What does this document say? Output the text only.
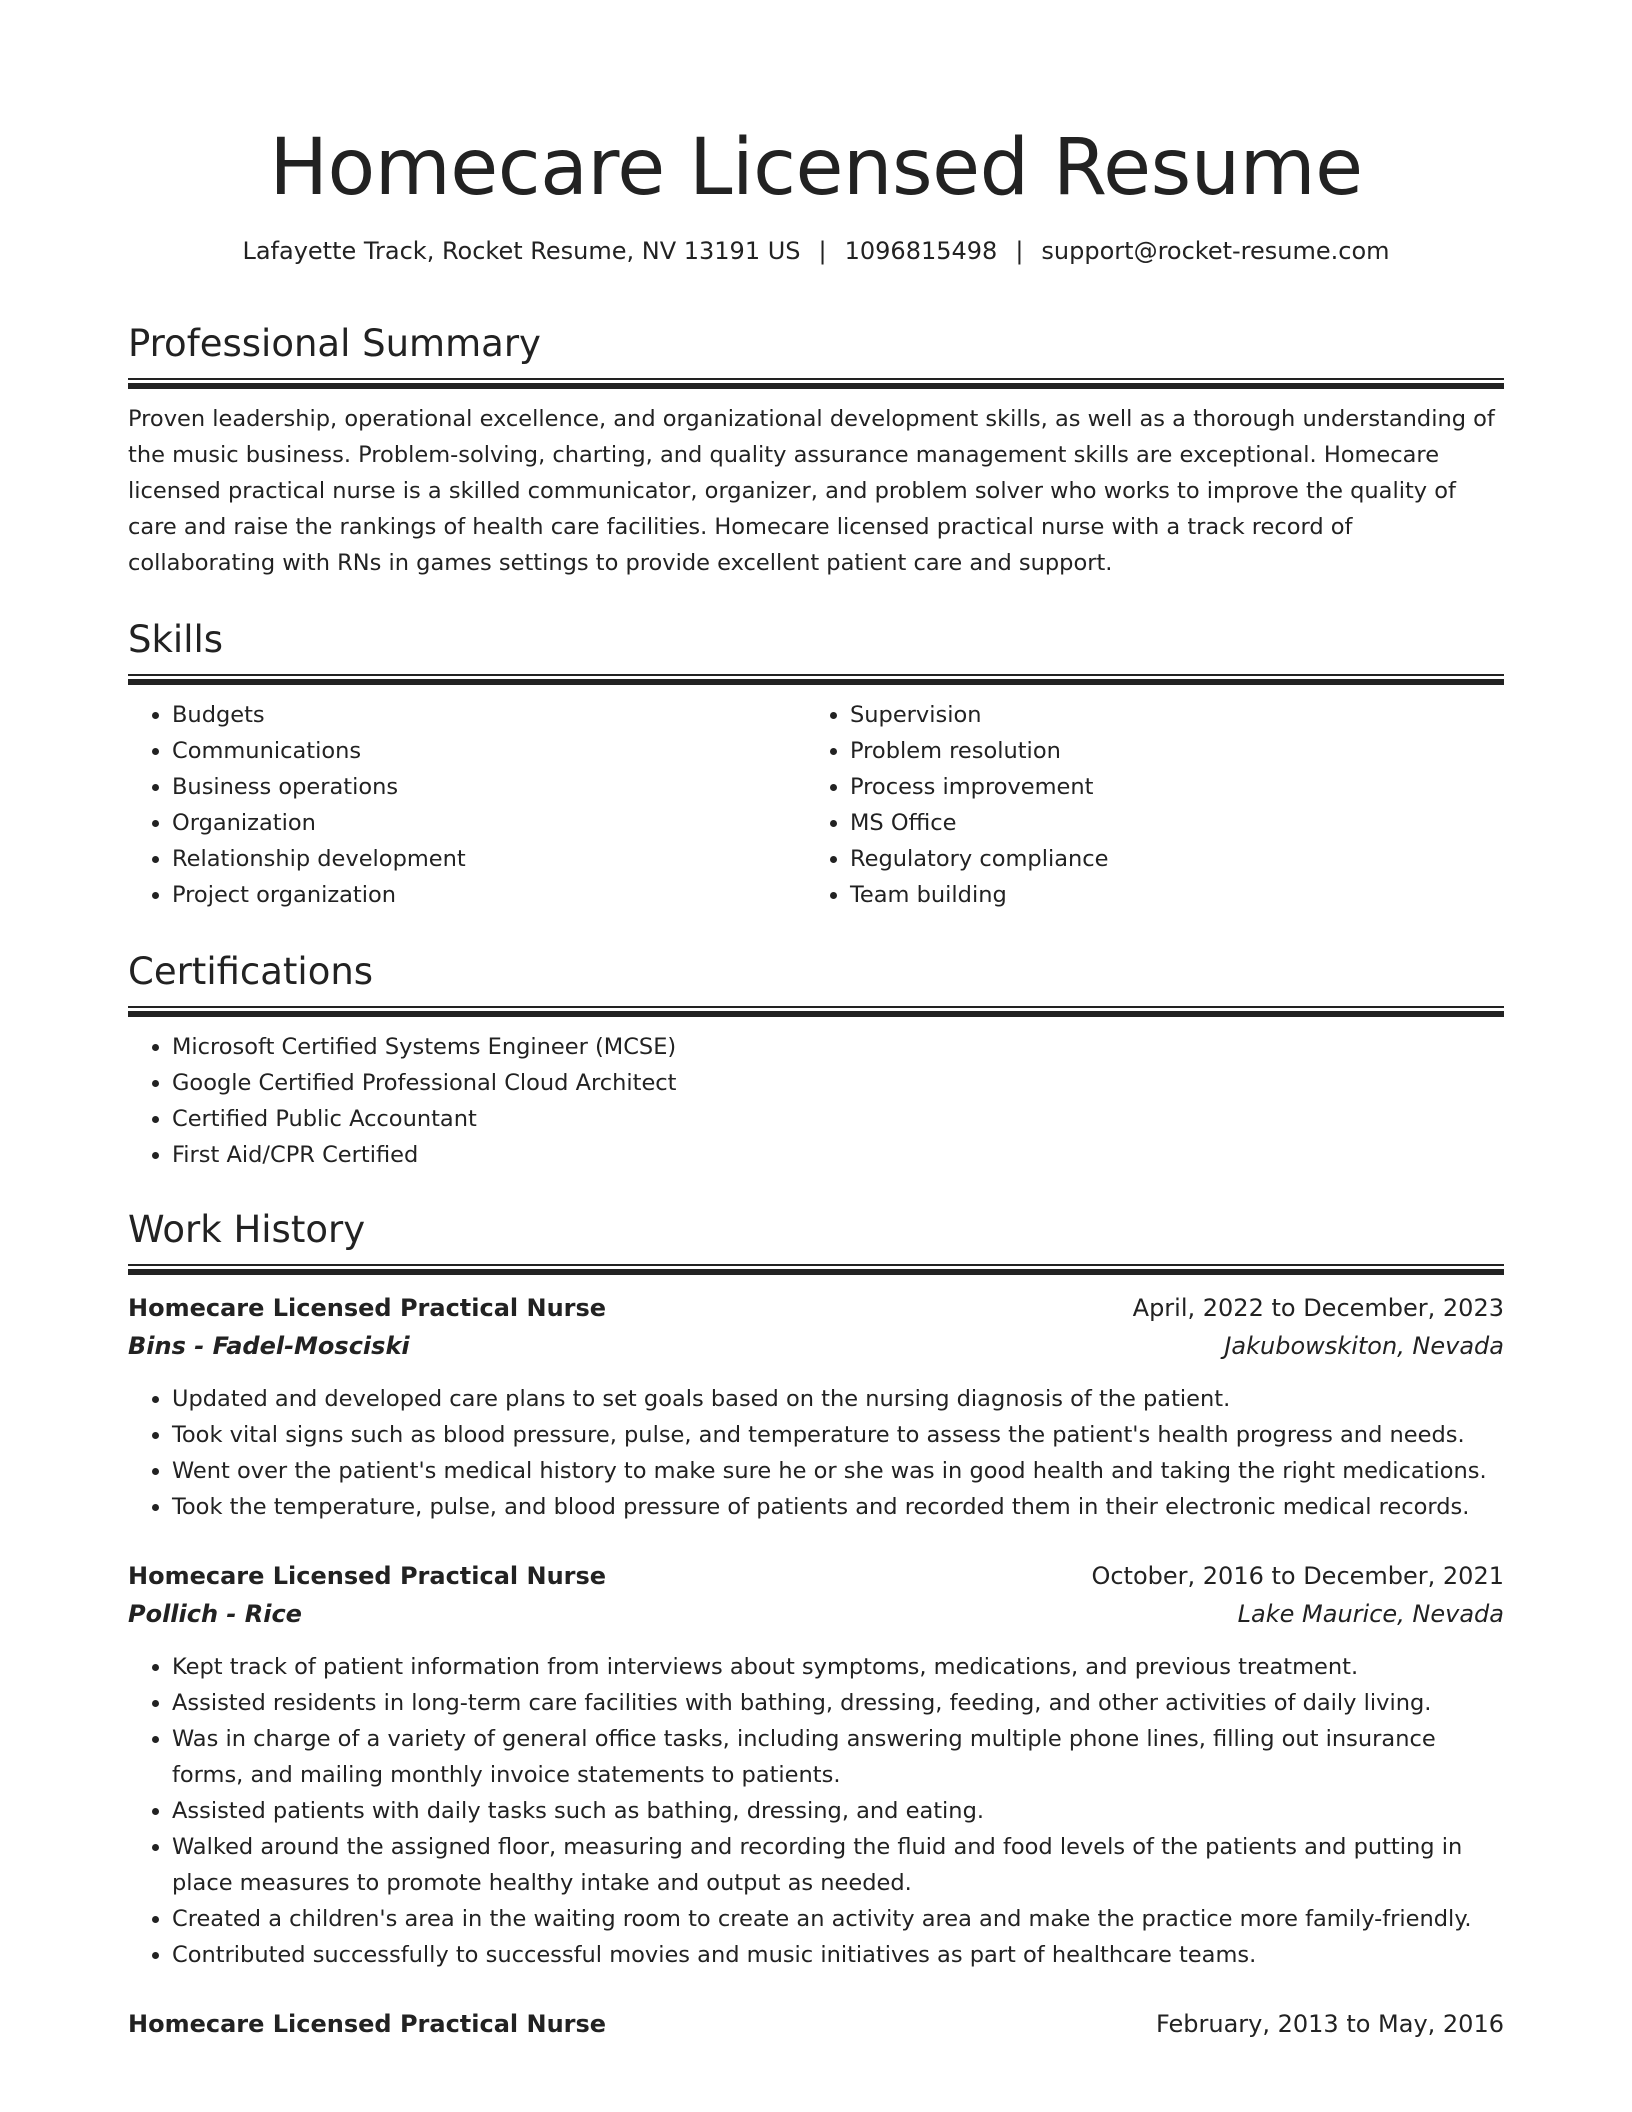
Homecare Licensed Resume
Lafayette Track, Rocket Resume, NV 13191 US | 1096815498 | support@rocket-resume.com
Professional Summary

Proven leadership, operational excellence, and organizational development skills, as well as a thorough understanding of the music business. Problem-solving, charting, and quality assurance management skills are exceptional. Homecare licensed practical nurse is a skilled communicator, organizer, and problem solver who works to improve the quality of care and raise the rankings of health care facilities. Homecare licensed practical nurse with a track record of collaborating with RNs in games settings to provide excellent patient care and support.

Skills
• Budgets
• Communications
• Business operations
• Organization
• Relationship development
• Project organization
• Supervision
• Problem resolution
• Process improvement
• MS Office
• Regulatory compliance
• Team building
Certifications
• Microsoft Certified Systems Engineer (MCSE)
• Google Certified Professional Cloud Architect
• Certified Public Accountant
• First Aid/CPR Certified
Work History
Homecare Licensed Practical Nurse	April, 2022 to December, 2023
Bins - Fadel-Mosciski	Jakubowskiton, Nevada
• Updated and developed care plans to set goals based on the nursing diagnosis of the patient.
• Took vital signs such as blood pressure, pulse, and temperature to assess the patient's health progress and needs.
• Went over the patient's medical history to make sure he or she was in good health and taking the right medications.
• Took the temperature, pulse, and blood pressure of patients and recorded them in their electronic medical records.
Homecare Licensed Practical Nurse	October, 2016 to December, 2021
Pollich - Rice	Lake Maurice, Nevada
• Kept track of patient information from interviews about symptoms, medications, and previous treatment.
• Assisted residents in long-term care facilities with bathing, dressing, feeding, and other activities of daily living.
• Was in charge of a variety of general office tasks, including answering multiple phone lines, filling out insurance forms, and mailing monthly invoice statements to patients.
• Assisted patients with daily tasks such as bathing, dressing, and eating.
• Walked around the assigned floor, measuring and recording the fluid and food levels of the patients and putting in place measures to promote healthy intake and output as needed.
• Created a children's area in the waiting room to create an activity area and make the practice more family-friendly.
• Contributed successfully to successful movies and music initiatives as part of healthcare teams.
Homecare Licensed Practical Nurse	February, 2013 to May, 2016
